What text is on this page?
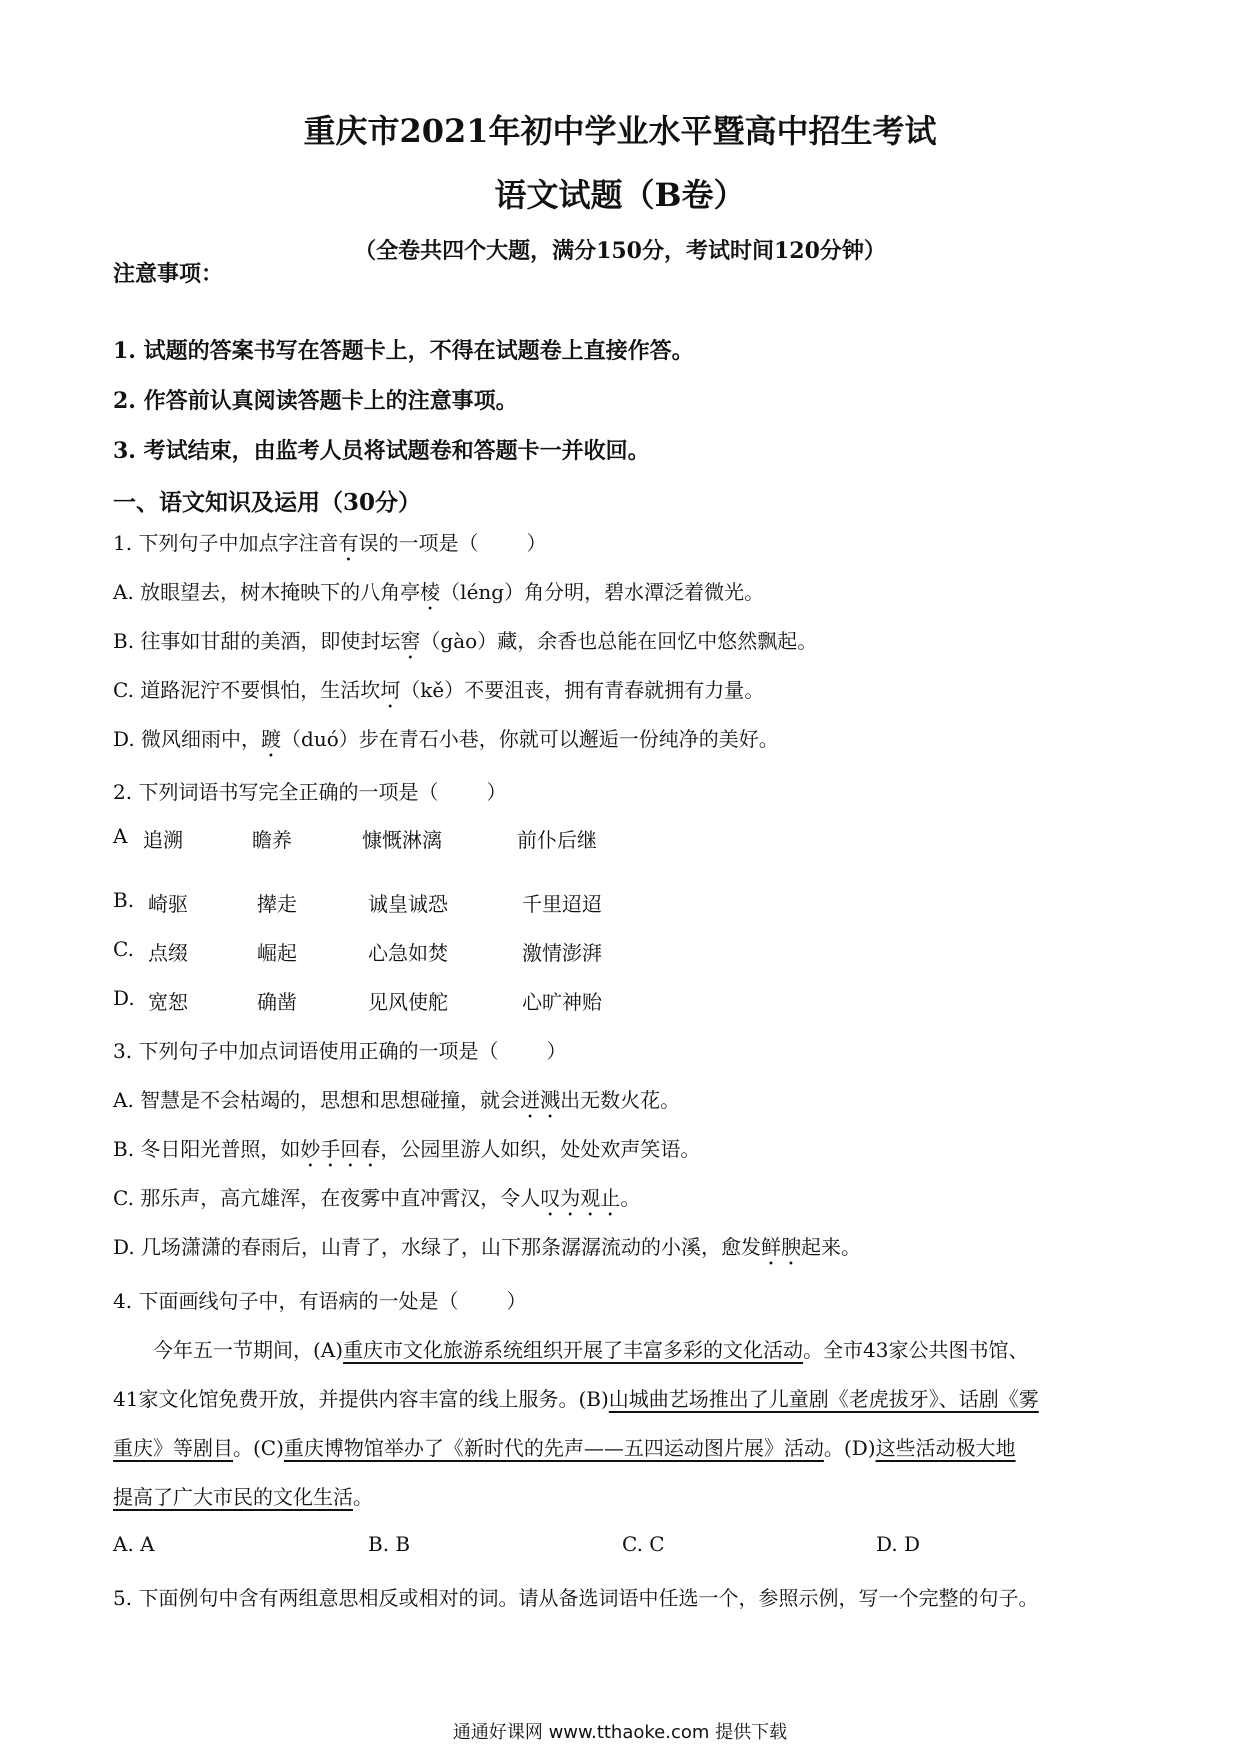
重庆市2021年初中学业水平暨高中招生考试
语文试题（B卷）
（全卷共四个大题，满分150分，考试时间120分钟）
注意事项：
1. 试题的答案书写在答题卡上，不得在试题卷上直接作答。
2. 作答前认真阅读答题卡上的注意事项。
3. 考试结束，由监考人员将试题卷和答题卡一并收回。
一、语文知识及运用（30分）
1. 下列句子中加点字注音有误的一项是（ ）
A. 放眼望去，树木掩映下的八角亭棱（léng）角分明，碧水潭泛着微光。
B. 往事如甘甜的美酒，即使封坛窖（gào）藏，余香也总能在回忆中悠然飘起。
C. 道路泥泞不要惧怕，生活坎坷（kě）不要沮丧，拥有青春就拥有力量。
D. 微风细雨中，踱（duó）步在青石小巷，你就可以邂逅一份纯净的美好。
2. 下列词语书写完全正确的一项是（ ）
A 追溯	瞻养	慷慨淋漓	前仆后继
B. 崎驱	撵走	诚皇诚恐	千里迢迢
C. 点缀	崛起	心急如焚	激情澎湃
D. 宽恕	确凿	见风使舵	心旷神贻
3. 下列句子中加点词语使用正确的一项是（ ）
A. 智慧是不会枯竭的，思想和思想碰撞，就会迸溅出无数火花。
B. 冬日阳光普照，如妙手回春，公园里游人如织，处处欢声笑语。
C. 那乐声，高亢雄浑，在夜雾中直冲霄汉，令人叹为观止。
D. 几场潇潇的春雨后，山青了，水绿了，山下那条潺潺流动的小溪，愈发鲜腴起来。
4. 下面画线句子中，有语病的一处是（ ）
今年五一节期间，(A)重庆市文化旅游系统组织开展了丰富多彩的文化活动。全市43家公共图书馆、
41家文化馆免费开放，并提供内容丰富的线上服务。(B)山城曲艺场推出了儿童剧《老虎拔牙》、话剧《雾
重庆》等剧目。(C)重庆博物馆举办了《新时代的先声——五四运动图片展》活动。(D)这些活动极大地
提高了广大市民的文化生活。
A. A	B. B	C. C	D. D
5. 下面例句中含有两组意思相反或相对的词。请从备选词语中任选一个，参照示例，写一个完整的句子。
通通好课网 www.tthaoke.com 提供下载
